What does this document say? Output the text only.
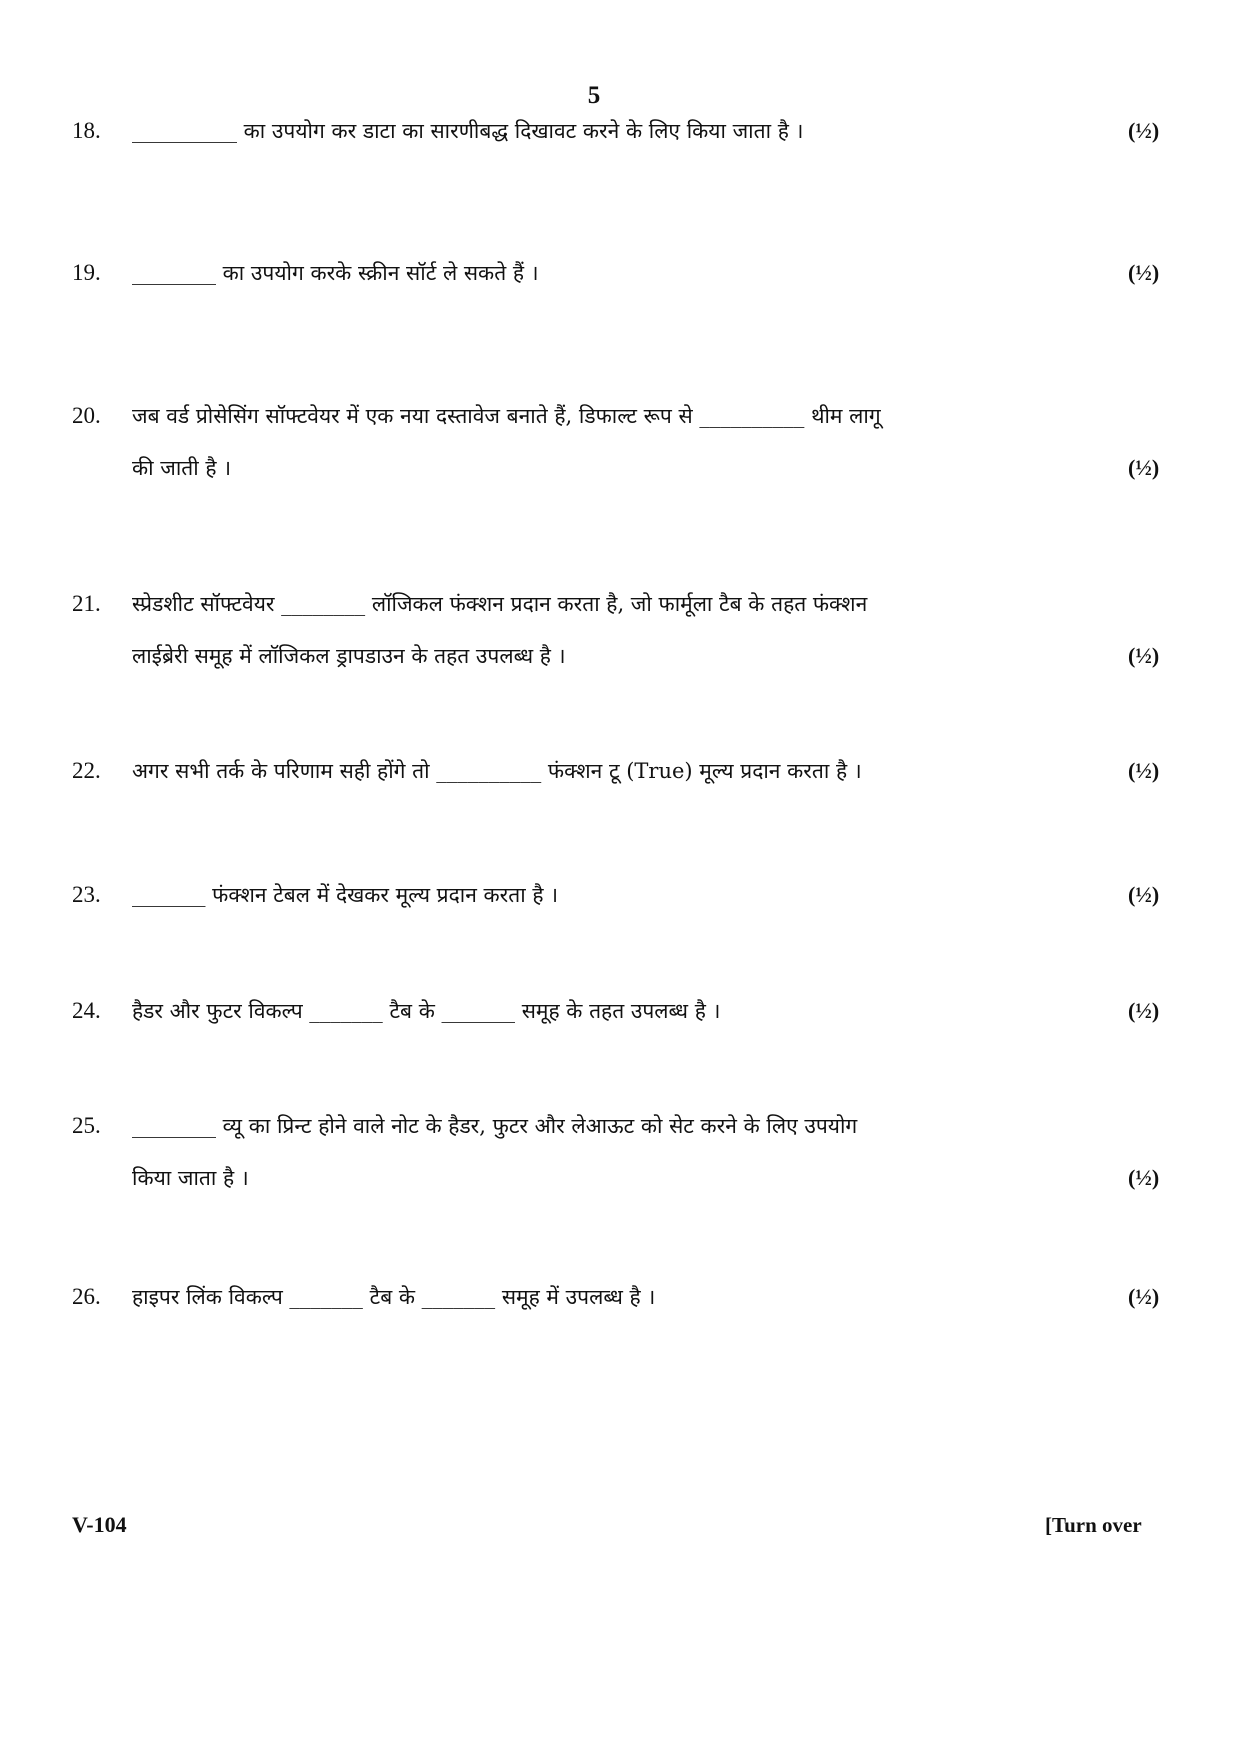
5
18. __________ का उपयोग कर डाटा का सारणीबद्ध दिखावट करने के लिए किया जाता है ।	(½)
19. ________ का उपयोग करके स्क्रीन सॉर्ट ले सकते हैं ।	(½)
20. जब वर्ड प्रोसेसिंग सॉफ्टवेयर में एक नया दस्तावेज बनाते हैं, डिफाल्ट रूप से __________ थीम लागू
की जाती है ।	(½)
21. स्प्रेडशीट सॉफ्टवेयर ________ लॉजिकल फंक्शन प्रदान करता है, जो फार्मूला टैब के तहत फंक्शन
लाईब्रेरी समूह में लॉजिकल ड्रापडाउन के तहत उपलब्ध है ।	(½)
22. अगर सभी तर्क के परिणाम सही होंगे तो __________ फंक्शन टू (True) मूल्य प्रदान करता है ।	(½)
23. _______ फंक्शन टेबल में देखकर मूल्य प्रदान करता है ।	(½)
24. हैडर और फुटर विकल्प _______ टैब के _______ समूह के तहत उपलब्ध है ।	(½)
25. ________ व्यू का प्रिन्ट होने वाले नोट के हैडर, फुटर और लेआऊट को सेट करने के लिए उपयोग
किया जाता है ।	(½)
26. हाइपर लिंक विकल्प _______ टैब के _______ समूह में उपलब्ध है ।	(½)
V-104	[Turn over
